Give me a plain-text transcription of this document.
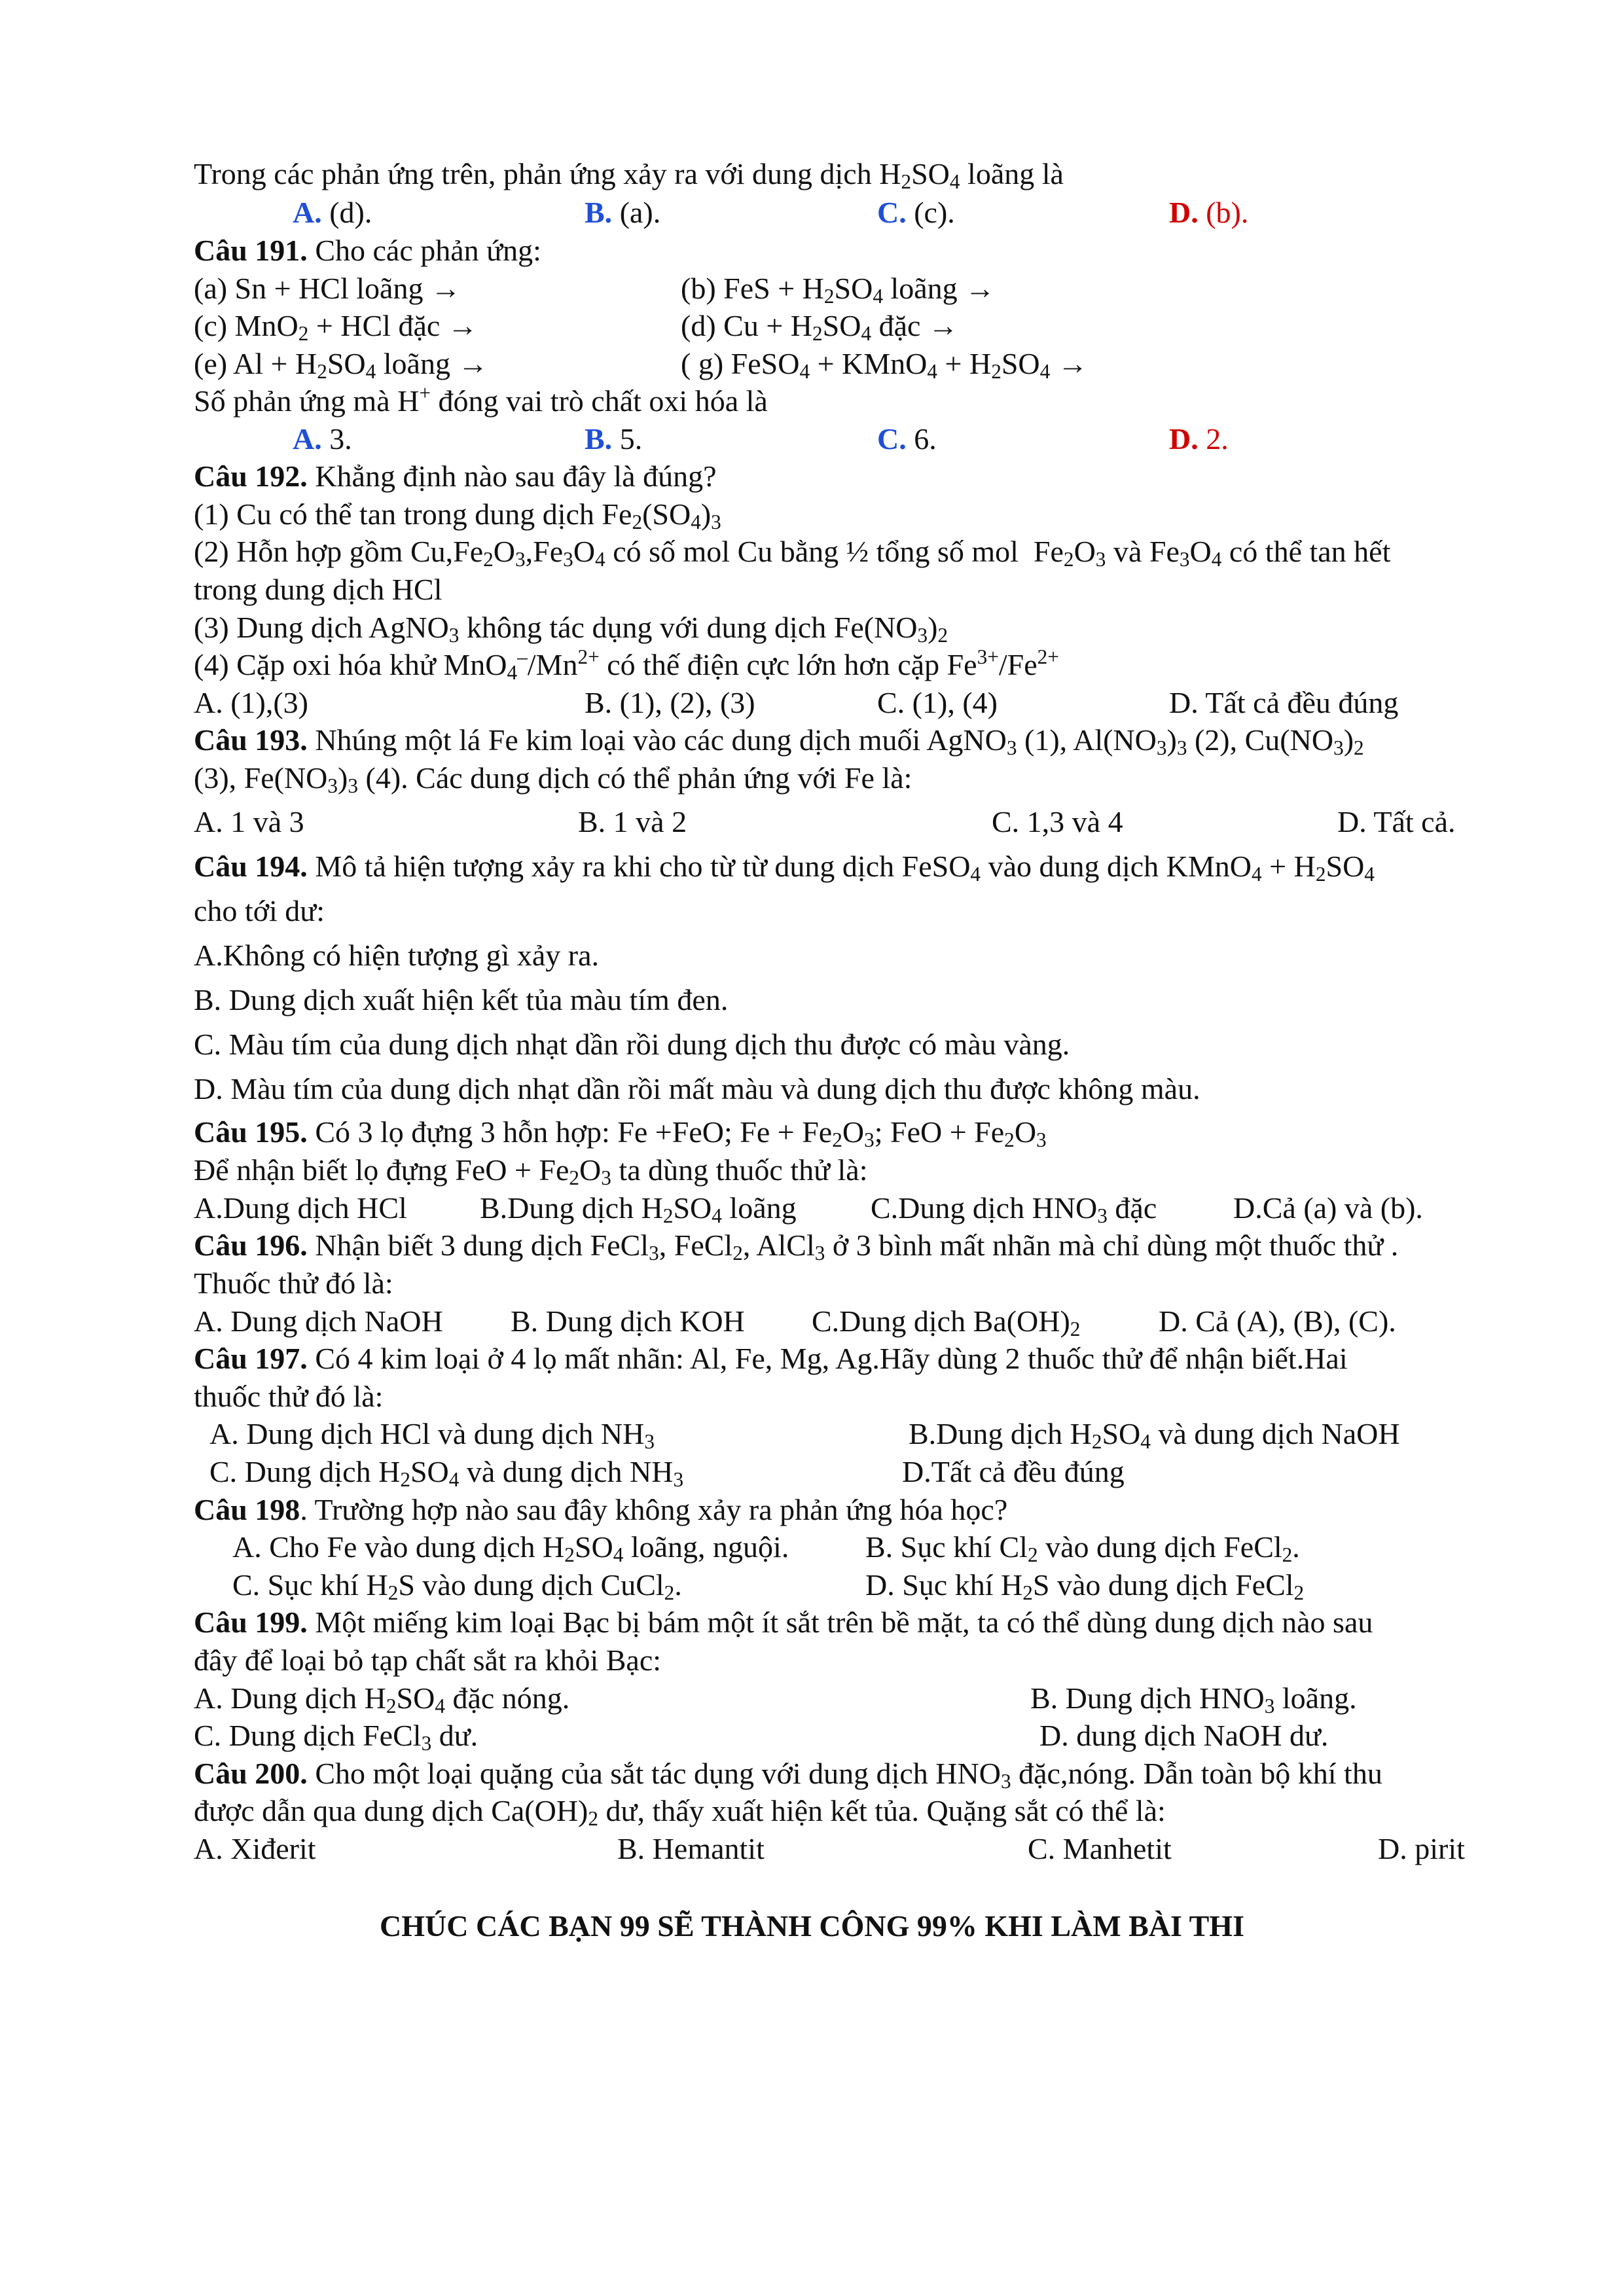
Trong các phản ứng trên, phản ứng xảy ra với dung dịch $H_2SO_4$ loãng là
A. (d).	B. (a).	C. (c).	D. (b).
Câu 191. Cho các phản ứng:
(a) Sn + HCl loãng →	(b) FeS + $H_2SO_4$ loãng →
(c) MnO$_2$ + HCl đặc →	(d) $Cu + H_2SO_4$ đặc →
(e) $Al + H_2SO_4$ loãng →	( g) FeSO$_4$ + KMnO$_4$ + $H_2SO_4$ →
Số phản ứng mà H+ đóng vai trò chất oxi hóa là
A. 3.	B. 5.	C. 6.	D. 2.
Câu 192. Khẳng định nào sau đây là đúng?
(1) Cu có thể tan trong dung dịch $Fe_2(SO_4)_3$
(2) Hỗn hợp gồm $Cu,Fe_2O_3,Fe_3O_4$ có số mol Cu bằng ½ tổng số mol  $Fe_2O_3$ và $Fe_3O_4$ có thể tan hết
trong dung dịch HCl
(3) Dung dịch AgNO$_3$ không tác dụng với dung dịch $Fe(NO_3)_2$
(4) Cặp oxi hóa khử $MnO_4^-/Mn^{2+}$ có thế điện cực lớn hơn cặp $Fe^{3+}/Fe^{2+}$
A. (1),(3)	B. (1), (2), (3)	C. (1), (4)	D. Tất cả đều đúng
Câu 193. Nhúng một lá Fe kim loại vào các dung dịch muối AgNO$_3$ (1), $Al(NO_3)_3$ (2), $Cu(NO_3)_2$
(3), $Fe(NO_3)_3$ (4). Các dung dịch có thể phản ứng với Fe là:
A. 1 và 3	B. 1 và 2	C. 1,3 và 4	D. Tất cả.
Câu 194. Mô tả hiện tượng xảy ra khi cho từ từ dung dịch FeSO$_4$ vào dung dịch KMnO$_4$ + $H_2SO_4$
cho tới dư:
A.Không có hiện tượng gì xảy ra.
B. Dung dịch xuất hiện kết tủa màu tím đen.
C. Màu tím của dung dịch nhạt dần rồi dung dịch thu được có màu vàng.
D. Màu tím của dung dịch nhạt dần rồi mất màu và dung dịch thu được không màu.
Câu 195. Có 3 lọ đựng 3 hỗn hợp: Fe +FeO; $Fe + Fe_2O_3$; FeO + $Fe_2O_3$
Để nhận biết lọ đựng FeO + $Fe_2O_3$ ta dùng thuốc thử là:
A.Dung dịch HCl B.Dung dịch $H_2SO_4$ loãng C.Dung dịch $HNO_3$ đặc	D.Cả (a) và (b).
Câu 196. Nhận biết 3 dung dịch FeCl$_3$, FeCl$_2$, AlCl$_3$ ở 3 bình mất nhãn mà chỉ dùng một thuốc thử .
Thuốc thử đó là:
A. Dung dịch NaOH B. Dung dịch KOH C.Dung dịch $Ba(OH)_2$	D. Cả (A), (B), (C).
Câu 197. Có 4 kim loại ở 4 lọ mất nhãn: Al, Fe, Mg, Ag.Hãy dùng 2 thuốc thử để nhận biết.Hai
thuốc thử đó là:
A. Dung dịch HCl và dung dịch $NH_3$	B.Dung dịch $H_2SO_4$ và dung dịch NaOH
C. Dung dịch $H_2SO_4$ và dung dịch $NH_3$	D.Tất cả đều đúng
Câu 198. Trường hợp nào sau đây không xảy ra phản ứng hóa học?
A. Cho Fe vào dung dịch $H_2SO_4$ loãng, nguội.	B. Sục khí $Cl_2$ vào dung dịch FeCl$_2$.
C. Sục khí $H_2S$ vào dung dịch CuCl$_2$.	D. Sục khí $H_2S$ vào dung dịch FeCl$_2$
Câu 199. Một miếng kim loại Bạc bị bám một ít sắt trên bề mặt, ta có thể dùng dung dịch nào sau
đây để loại bỏ tạp chất sắt ra khỏi Bạc:
A. Dung dịch $H_2SO_4$ đặc nóng.	B. Dung dịch $HNO_3$ loãng.
C. Dung dịch FeCl$_3$ dư.	D. dung dịch NaOH dư.
Câu 200. Cho một loại quặng của sắt tác dụng với dung dịch $HNO_3$ đặc,nóng. Dẫn toàn bộ khí thu
được dẫn qua dung dịch $Ca(OH)_2$ dư, thấy xuất hiện kết tủa. Quặng sắt có thể là:
A. Xiđerit	B. Hemantit	C. Manhetit	D. pirit
CHÚC CÁC BẠN 99 SẼ THÀNH CÔNG 99% KHI LÀM BÀI THI
